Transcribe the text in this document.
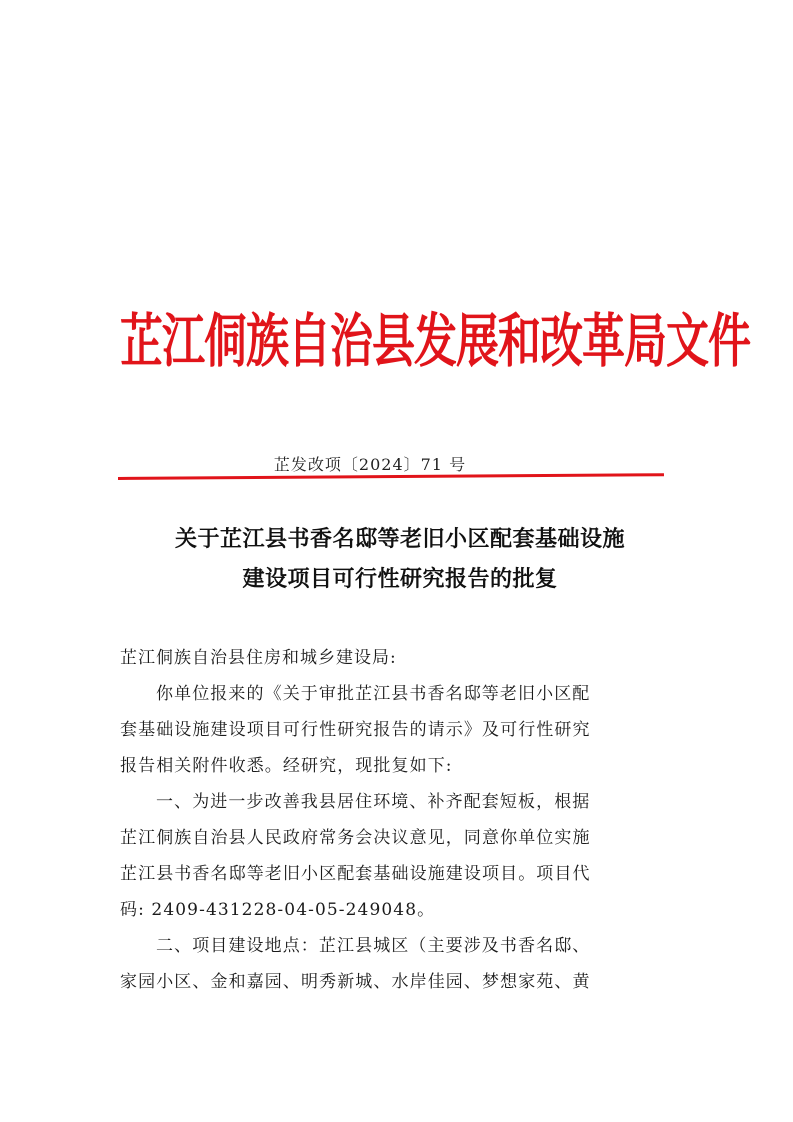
芷江侗族自治县发展和改革局文件
芷发改项〔2024〕71 号
关于芷江县书香名邸等老旧小区配套基础设施
建设项目可行性研究报告的批复
芷江侗族自治县住房和城乡建设局:
你单位报来的《关于审批芷江县书香名邸等老旧小区配
套基础设施建设项目可行性研究报告的请示》及可行性研究
报告相关附件收悉。经研究，现批复如下:
一、为进一步改善我县居住环境、补齐配套短板，根据
芷江侗族自治县人民政府常务会决议意见，同意你单位实施
芷江县书香名邸等老旧小区配套基础设施建设项目。项目代
码: 2409-431228-04-05-249048。
二、项目建设地点：芷江县城区（主要涉及书香名邸、
家园小区、金和嘉园、明秀新城、水岸佳园、梦想家苑、黄
